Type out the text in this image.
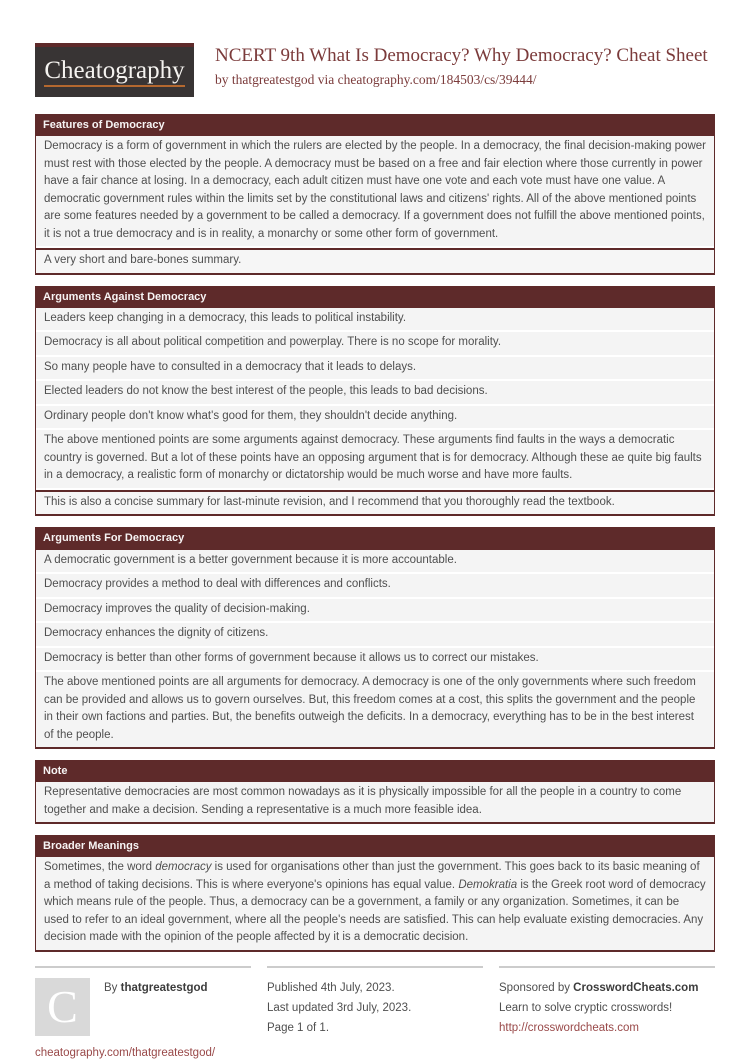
Cheatography
NCERT 9th What Is Democracy? Why Democracy? Cheat Sheet

by thatgreatestgod via cheatography.com/184503/cs/39444/

Features of Democracy
Democracy is a form of government in which the rulers are elected by the people. In a democracy, the final decision-making power must rest with those elected by the people. A democracy must be based on a free and fair election where those currently in power have a fair chance at losing. In a democracy, each adult citizen must have one vote and each vote must have one value. A democratic government rules within the limits set by the constitutional laws and citizens' rights. All of the above mentioned points are some features needed by a government to be called a democracy. If a government does not fulfill the above mentioned points, it is not a true democracy and is in reality, a monarchy or some other form of government.
A very short and bare-bones summary.
Arguments Against Democracy
Leaders keep changing in a democracy, this leads to political instability.
Democracy is all about political competition and powerplay. There is no scope for morality.
So many people have to consulted in a democracy that it leads to delays.
Elected leaders do not know the best interest of the people, this leads to bad decisions.
Ordinary people don't know what's good for them, they shouldn't decide anything.
The above mentioned points are some arguments against democracy. These arguments find faults in the ways a democratic country is governed. But a lot of these points have an opposing argument that is for democracy. Although these ae quite big faults in a democracy, a realistic form of monarchy or dictatorship would be much worse and have more faults.
This is also a concise summary for last-minute revision, and I recommend that you thoroughly read the textbook.
Arguments For Democracy
A democratic government is a better government because it is more accountable.
Democracy provides a method to deal with differences and conflicts.
Democracy improves the quality of decision-making.
Democracy enhances the dignity of citizens.
Democracy is better than other forms of government because it allows us to correct our mistakes.
The above mentioned points are all arguments for democracy. A democracy is one of the only governments where such freedom can be provided and allows us to govern ourselves. But, this freedom comes at a cost, this splits the government and the people in their own factions and parties. But, the benefits outweigh the deficits. In a democracy, everything has to be in the best interest of the people.
Note
Representative democracies are most common nowadays as it is physically impossible for all the people in a country to come together and make a decision. Sending a representative is a much more feasible idea.
Broader Meanings
Sometimes, the word democracy is used for organisations other than just the government. This goes back to its basic meaning of a method of taking decisions. This is where everyone's opinions has equal value. Demokratia is the Greek root word of democracy which means rule of the people. Thus, a democracy can be a government, a family or any organization. Sometimes, it can be used to refer to an ideal government, where all the people's needs are satisfied. This can help evaluate existing democracies. Any decision made with the opinion of the people affected by it is a democratic decision.
C By thatgreatestgod

cheatography.com/thatgreatestgod/

Published 4th July, 2023.

Last updated 3rd July, 2023.

Page 1 of 1.

Sponsored by CrosswordCheats.com

Learn to solve cryptic crosswords!

http://crosswordcheats.com
